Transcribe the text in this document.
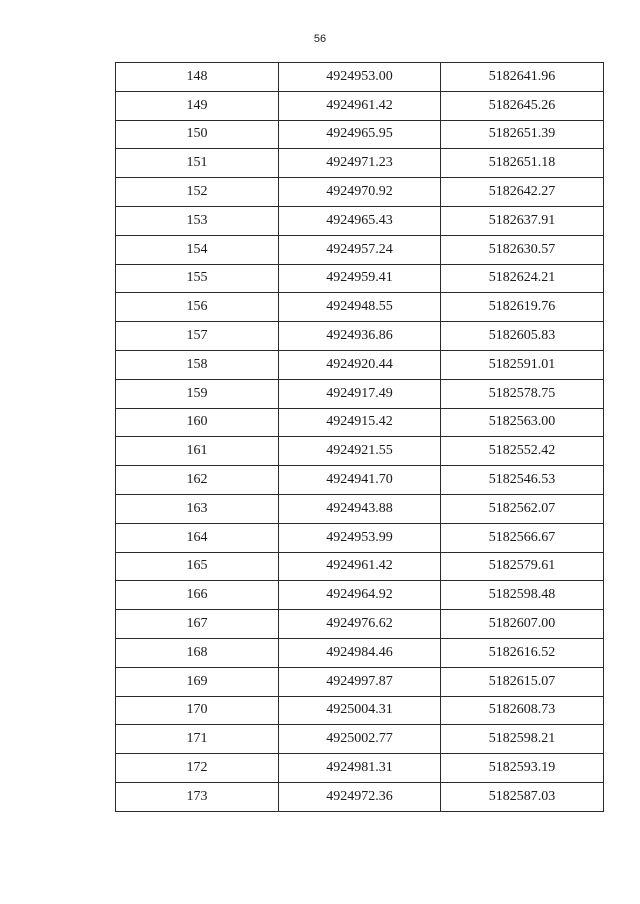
56
148	4924953.00	5182641.96
149	4924961.42	5182645.26
150	4924965.95	5182651.39
151	4924971.23	5182651.18
152	4924970.92	5182642.27
153	4924965.43	5182637.91
154	4924957.24	5182630.57
155	4924959.41	5182624.21
156	4924948.55	5182619.76
157	4924936.86	5182605.83
158	4924920.44	5182591.01
159	4924917.49	5182578.75
160	4924915.42	5182563.00
161	4924921.55	5182552.42
162	4924941.70	5182546.53
163	4924943.88	5182562.07
164	4924953.99	5182566.67
165	4924961.42	5182579.61
166	4924964.92	5182598.48
167	4924976.62	5182607.00
168	4924984.46	5182616.52
169	4924997.87	5182615.07
170	4925004.31	5182608.73
171	4925002.77	5182598.21
172	4924981.31	5182593.19
173	4924972.36	5182587.03
